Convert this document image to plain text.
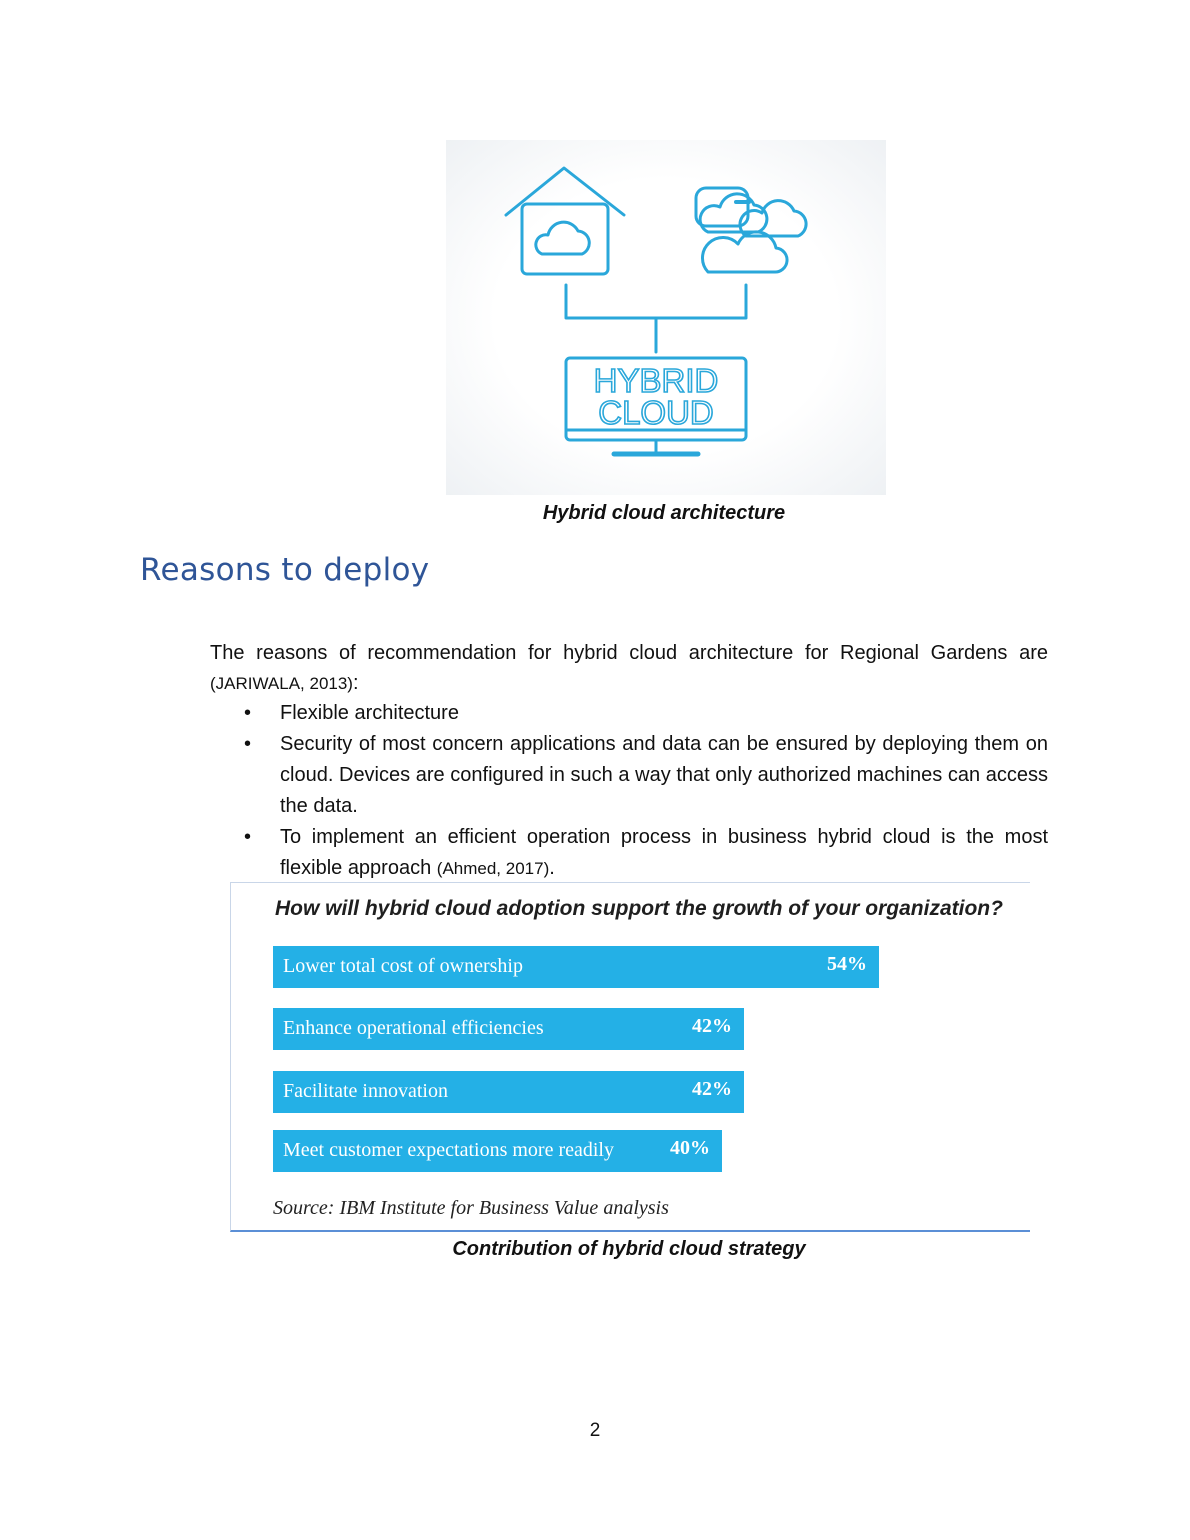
HYBRID
CLOUD
Hybrid cloud architecture
Reasons to deploy
The reasons of recommendation for hybrid cloud architecture for Regional Gardens are (JARIWALA, 2013):
• Flexible architecture
• Security of most concern applications and data can be ensured by deploying them on cloud. Devices are configured in such a way that only authorized machines can access the data.
• To implement an efficient operation process in business hybrid cloud is the most flexible approach (Ahmed, 2017).
How will hybrid cloud adoption support the growth of your organization?
Source: IBM Institute for Business Value analysis
Lower total cost of ownership	54%
Enhance operational efficiencies	42%
Facilitate innovation	42%
Meet customer expectations more readily	40%
Contribution of hybrid cloud strategy
2
